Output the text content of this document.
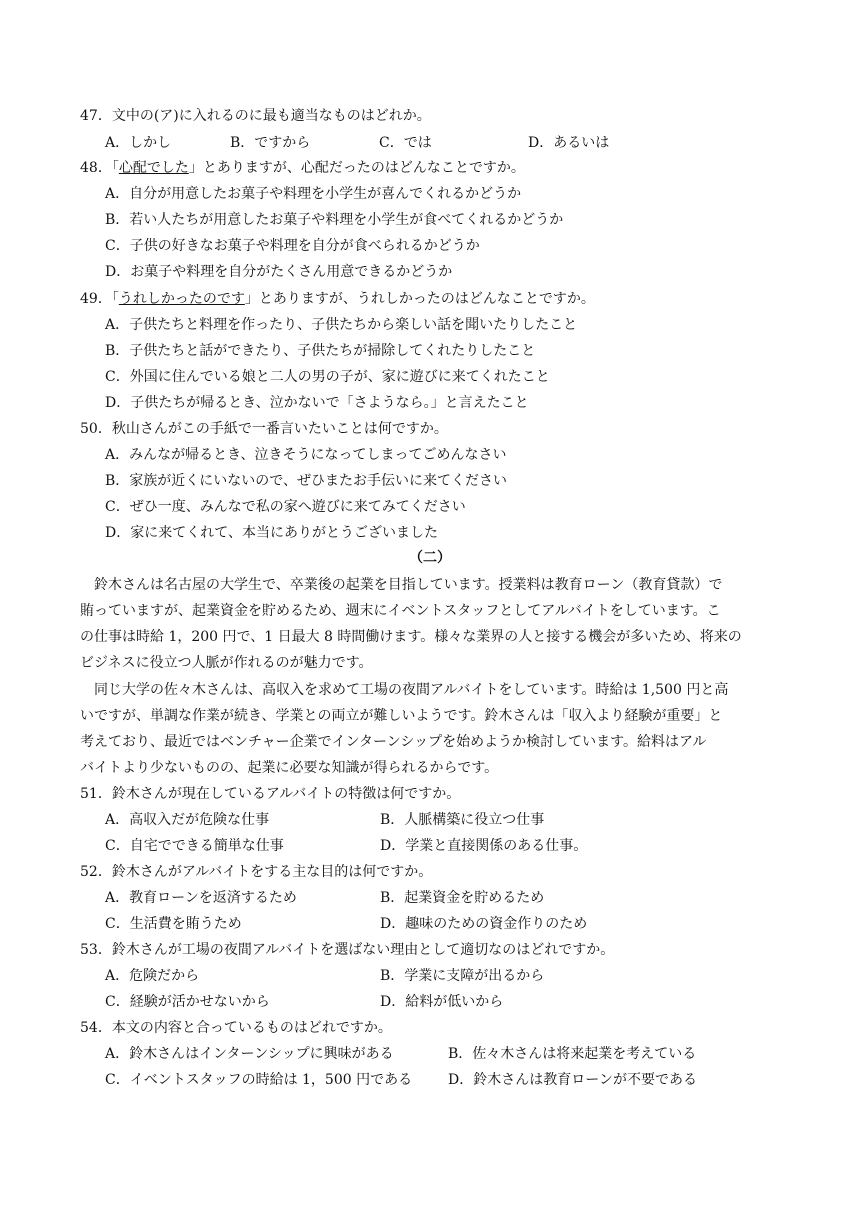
47．文中の(ア)に入れるのに最も適当なものはどれか。
A．しかし	B．ですから	C．では	D．あるいは
48．「心配でした」とありますが、心配だったのはどんなことですか。
A．自分が用意したお菓子や料理を小学生が喜んでくれるかどうか
B．若い人たちが用意したお菓子や料理を小学生が食べてくれるかどうか
C．子供の好きなお菓子や料理を自分が食べられるかどうか
D．お菓子や料理を自分がたくさん用意できるかどうか
49．「うれしかったのです」とありますが、うれしかったのはどんなことですか。
A．子供たちと料理を作ったり、子供たちから楽しい話を聞いたりしたこと
B．子供たちと話ができたり、子供たちが掃除してくれたりしたこと
C．外国に住んでいる娘と二人の男の子が、家に遊びに来てくれたこと
D．子供たちが帰るとき、泣かないで「さようなら。」と言えたこと
50．秋山さんがこの手紙で一番言いたいことは何ですか。
A．みんなが帰るとき、泣きそうになってしまってごめんなさい
B．家族が近くにいないので、ぜひまたお手伝いに来てください
C．ぜひ一度、みんなで私の家へ遊びに来てみてください
D．家に来てくれて、本当にありがとうございました
（二）
　鈴木さんは名古屋の大学生で、卒業後の起業を目指しています。授業料は教育ローン（教育貸款）で
賄っていますが、起業資金を貯めるため、週末にイベントスタッフとしてアルバイトをしています。こ
の仕事は時給 1，200 円で、1 日最大 8 時間働けます。様々な業界の人と接する機会が多いため、将来の
ビジネスに役立つ人脈が作れるのが魅力です。
　同じ大学の佐々木さんは、高収入を求めて工場の夜間アルバイトをしています。時給は 1,500 円と高
いですが、単調な作業が続き、学業との両立が難しいようです。鈴木さんは「収入より経験が重要」と
考えており、最近ではベンチャー企業でインターンシップを始めようか検討しています。給料はアル
バイトより少ないものの、起業に必要な知識が得られるからです。
51．鈴木さんが現在しているアルバイトの特徴は何ですか。
A．高収入だが危険な仕事	B．人脈構築に役立つ仕事
C．自宅でできる簡単な仕事	D．学業と直接関係のある仕事。
52．鈴木さんがアルバイトをする主な目的は何ですか。
A．教育ローンを返済するため	B．起業資金を貯めるため
C．生活費を賄うため	D．趣味のための資金作りのため
53．鈴木さんが工場の夜間アルバイトを選ばない理由として適切なのはどれですか。
A．危険だから	B．学業に支障が出るから
C．経験が活かせないから	D．給料が低いから
54．本文の内容と合っているものはどれですか。
A．鈴木さんはインターンシップに興味がある	B．佐々木さんは将来起業を考えている
C．イベントスタッフの時給は 1，500 円である	D．鈴木さんは教育ローンが不要である
